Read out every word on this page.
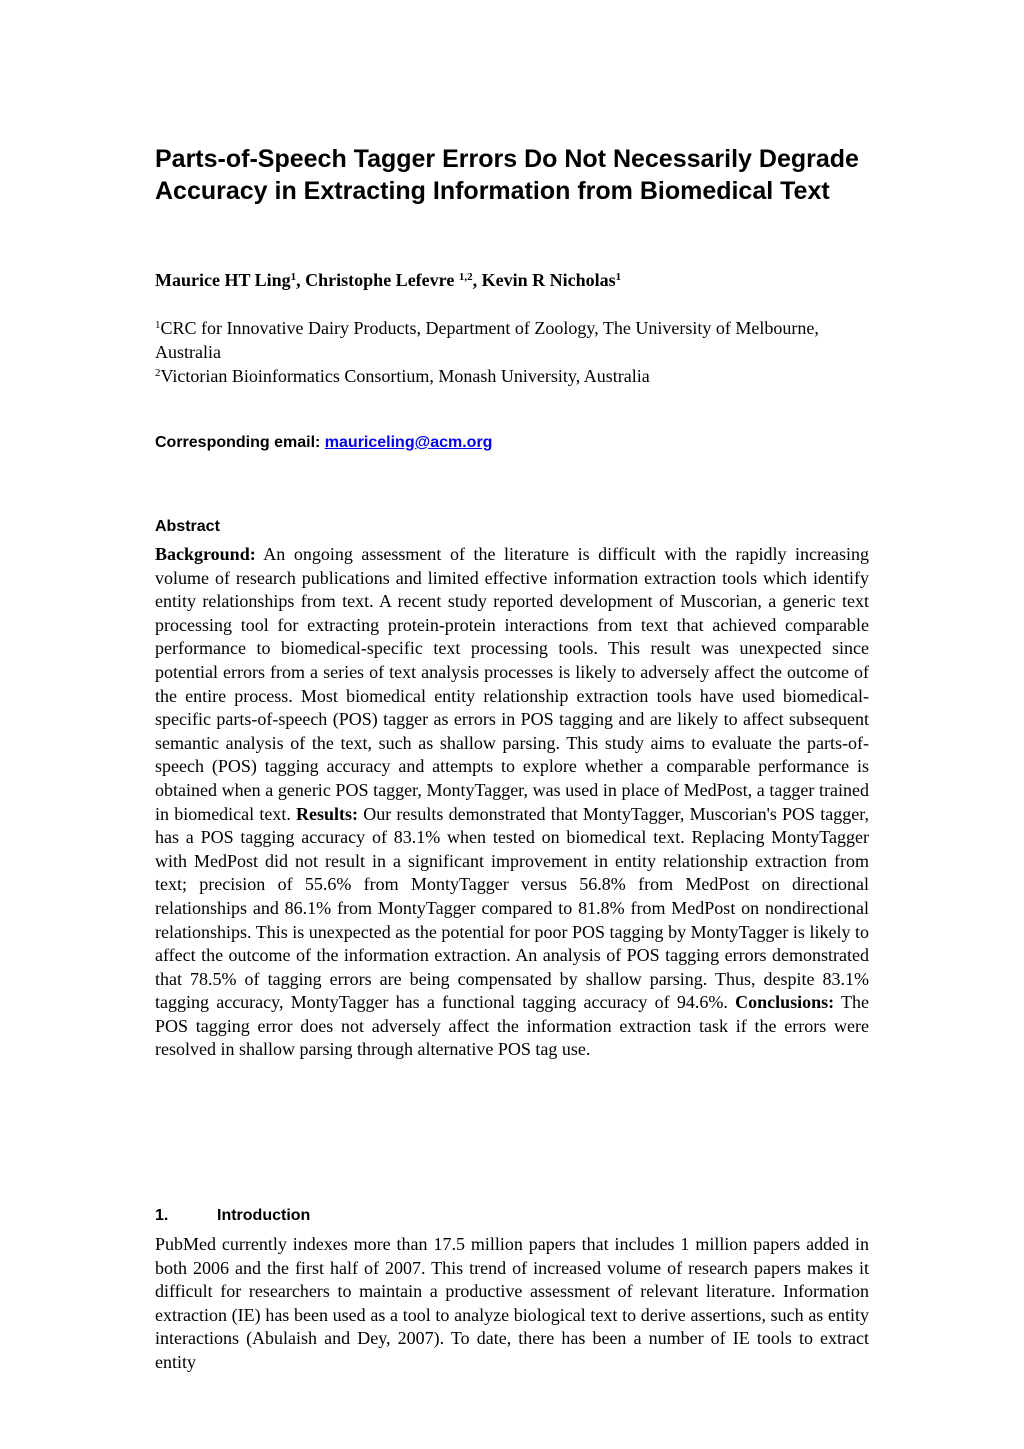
Parts-of-Speech Tagger Errors Do Not Necessarily Degrade Accuracy in Extracting Information from Biomedical Text

Maurice HT Ling$^1$, Christophe Lefevre $^{1,2}$, Kevin R Nicholas$^1$

$^1$CRC for Innovative Dairy Products, Department of Zoology, The University of Melbourne, Australia

$^2$Victorian Bioinformatics Consortium, Monash University, Australia

Corresponding email: mauriceling@acm.org

Abstract

Background: An ongoing assessment of the literature is difficult with the rapidly increasing volume of research publications and limited effective information extraction tools which identify entity relationships from text. A recent study reported development of Muscorian, a generic text processing tool for extracting protein-protein interactions from text that achieved comparable performance to biomedical-specific text processing tools. This result was unexpected since potential errors from a series of text analysis processes is likely to adversely affect the outcome of the entire process. Most biomedical entity relationship extraction tools have used biomedical-specific parts-of-speech (POS) tagger as errors in POS tagging and are likely to affect subsequent semantic analysis of the text, such as shallow parsing. This study aims to evaluate the parts-of-speech (POS) tagging accuracy and attempts to explore whether a comparable performance is obtained when a generic POS tagger, MontyTagger, was used in place of MedPost, a tagger trained in biomedical text. Results: Our results demonstrated that MontyTagger, Muscorian's POS tagger, has a POS tagging accuracy of 83.1% when tested on biomedical text. Replacing MontyTagger with MedPost did not result in a significant improvement in entity relationship extraction from text; precision of 55.6% from MontyTagger versus 56.8% from MedPost on directional relationships and 86.1% from MontyTagger compared to 81.8% from MedPost on nondirectional relationships. This is unexpected as the potential for poor POS tagging by MontyTagger is likely to affect the outcome of the information extraction. An analysis of POS tagging errors demonstrated that 78.5% of tagging errors are being compensated by shallow parsing. Thus, despite 83.1% tagging accuracy, MontyTagger has a functional tagging accuracy of 94.6%. Conclusions: The POS tagging error does not adversely affect the information extraction task if the errors were resolved in shallow parsing through alternative POS tag use.

1.	Introduction

PubMed currently indexes more than 17.5 million papers that includes 1 million papers added in both 2006 and the first half of 2007. This trend of increased volume of research papers makes it difficult for researchers to maintain a productive assessment of relevant literature. Information extraction (IE) has been used as a tool to analyze biological text to derive assertions, such as entity interactions (Abulaish and Dey, 2007). To date, there has been a number of IE tools to extract entity
